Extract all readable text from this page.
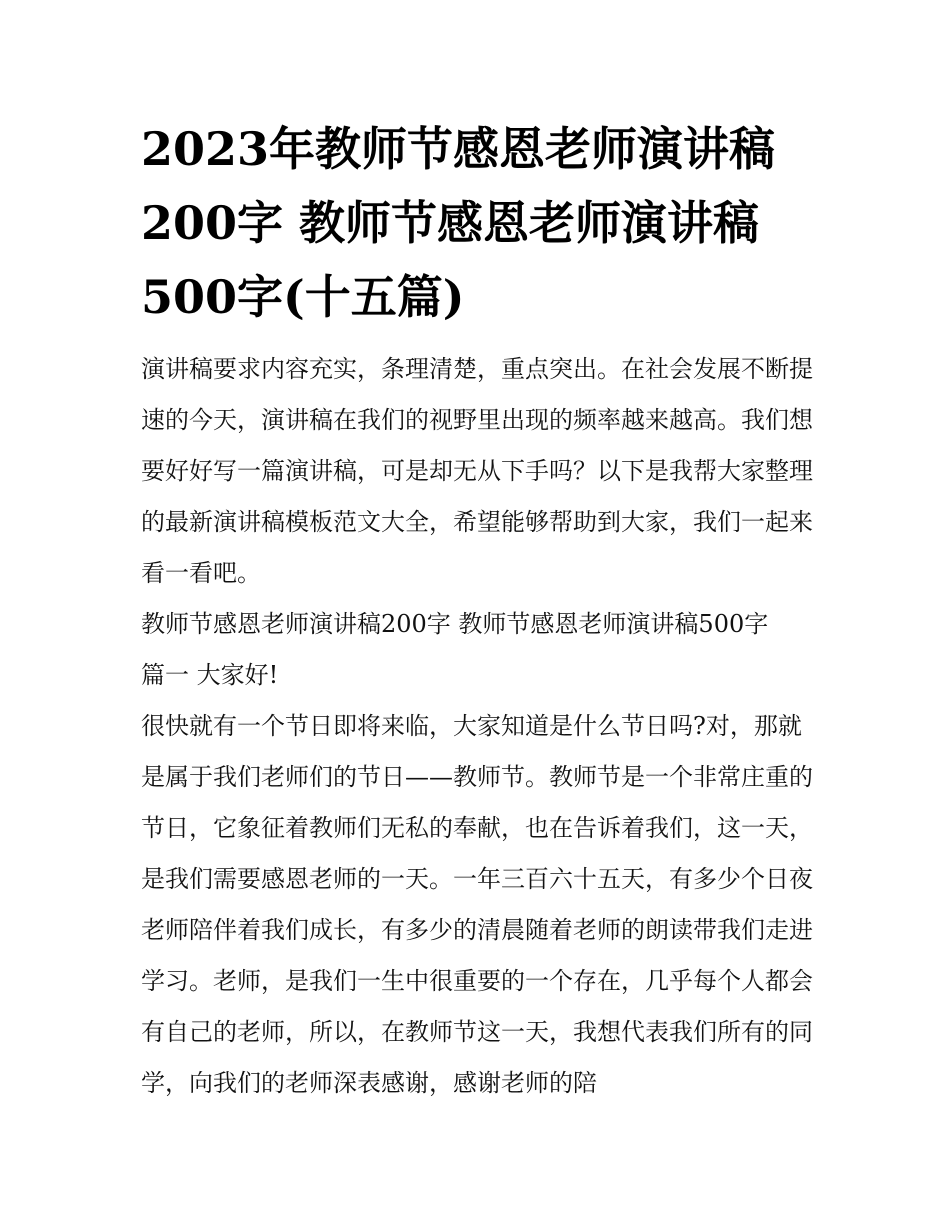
2023年教师节感恩老师演讲稿200字 教师节感恩老师演讲稿500字(十五篇)

演讲稿要求内容充实，条理清楚，重点突出。在社会发展不断提速的今天，演讲稿在我们的视野里出现的频率越来越高。我们想要好好写一篇演讲稿，可是却无从下手吗？以下是我帮大家整理的最新演讲稿模板范文大全，希望能够帮助到大家，我们一起来看一看吧。

教师节感恩老师演讲稿200字 教师节感恩老师演讲稿500字

篇一 大家好!

很快就有一个节日即将来临，大家知道是什么节日吗?对，那就是属于我们老师们的节日——教师节。教师节是一个非常庄重的节日，它象征着教师们无私的奉献，也在告诉着我们，这一天，是我们需要感恩老师的一天。一年三百六十五天，有多少个日夜老师陪伴着我们成长，有多少的清晨随着老师的朗读带我们走进学习。老师，是我们一生中很重要的一个存在，几乎每个人都会有自己的老师，所以，在教师节这一天，我想代表我们所有的同学，向我们的老师深表感谢，感谢老师的陪
